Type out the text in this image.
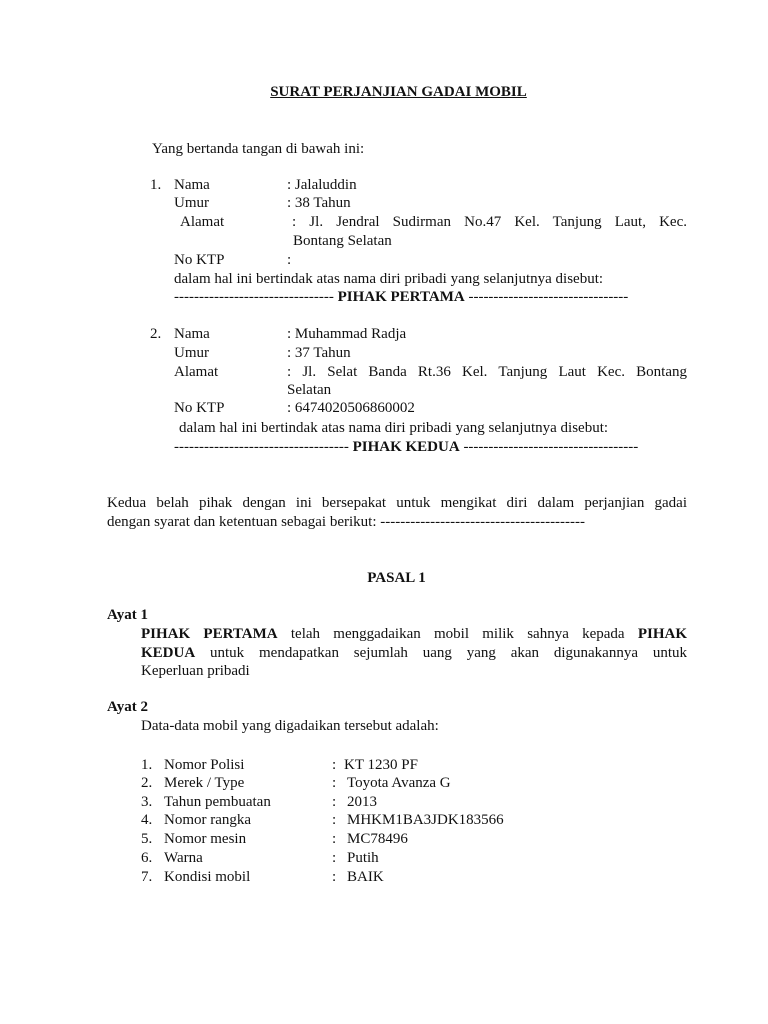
SURAT PERJANJIAN GADAI MOBIL
Yang bertanda tangan di bawah ini:
1. Nama	: Jalaluddin
Umur	: 38 Tahun
Alamat	: Jl. Jendral Sudirman No.47 Kel. Tanjung Laut, Kec.
Bontang Selatan
No KTP	:
dalam hal ini bertindak atas nama diri pribadi yang selanjutnya disebut:
-------------------------------- PIHAK PERTAMA --------------------------------
2. Nama	: Muhammad Radja
Umur	: 37 Tahun
Alamat	: Jl. Selat Banda Rt.36 Kel. Tanjung Laut Kec. Bontang
Selatan
No KTP	: 6474020506860002
dalam hal ini bertindak atas nama diri pribadi yang selanjutnya disebut:
----------------------------------- PIHAK KEDUA -----------------------------------
Kedua belah pihak dengan ini bersepakat untuk mengikat diri dalam perjanjian gadai
dengan syarat dan ketentuan sebagai berikut: -----------------------------------------
PASAL 1
Ayat 1
PIHAK PERTAMA telah menggadaikan mobil milik sahnya kepada PIHAK
KEDUA untuk mendapatkan sejumlah uang yang akan digunakannya untuk
Keperluan pribadi
Ayat 2
Data-data mobil yang digadaikan tersebut adalah:
1. Nomor Polisi	: KT 1230 PF
2. Merek / Type	: Toyota Avanza G
3. Tahun pembuatan	: 2013
4. Nomor rangka	: MHKM1BA3JDK183566
5. Nomor mesin	: MC78496
6. Warna	: Putih
7. Kondisi mobil	: BAIK
